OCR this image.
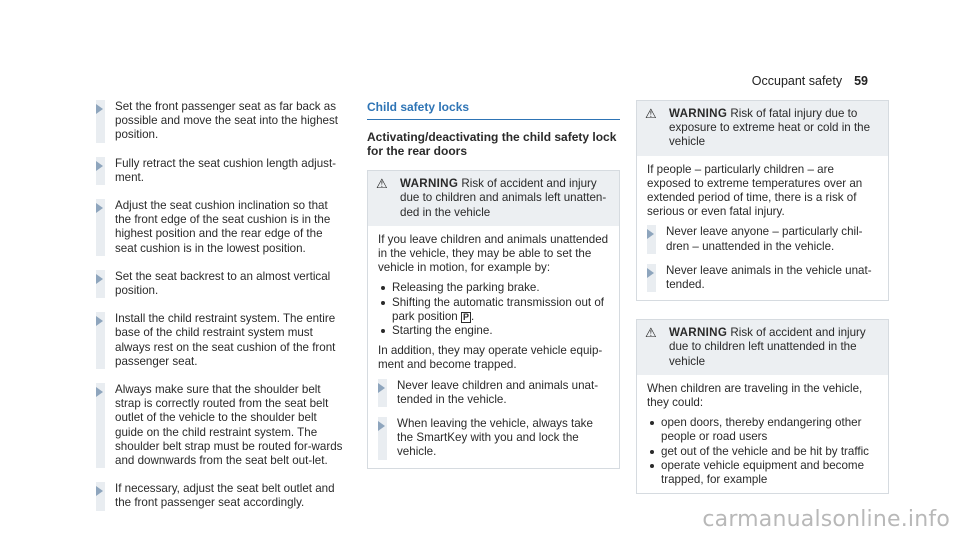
Occupant safety 59
Set the front passenger seat as far back as possible and move the seat into the highest position.
Fully retract the seat cushion length adjust-ment.
Adjust the seat cushion inclination so that the front edge of the seat cushion is in the highest position and the rear edge of the seat cushion is in the lowest position.
Set the seat backrest to an almost vertical position.
Install the child restraint system. The entire base of the child restraint system must always rest on the seat cushion of the front passenger seat.
Always make sure that the shoulder belt strap is correctly routed from the seat belt outlet of the vehicle to the shoulder belt guide on the child restraint system. The shoulder belt strap must be routed for-wards and downwards from the seat belt out-let.
If necessary, adjust the seat belt outlet and the front passenger seat accordingly.
Child safety locks
Activating/deactivating the child safety lock for the rear doors
⚠	WARNING Risk of accident and injury due to children and animals left unatten-ded in the vehicle

If you leave children and animals unattended in the vehicle, they may be able to set the vehicle in motion, for example by:

Releasing the parking brake.
Shifting the automatic transmission out of park position P .
Starting the engine.

In addition, they may operate vehicle equip-ment and become trapped.

Never leave children and animals unat-tended in the vehicle.
When leaving the vehicle, always take the SmartKey with you and lock the vehicle.
⚠	WARNING Risk of fatal injury due to exposure to extreme heat or cold in the vehicle

If people – particularly children – are exposed to extreme temperatures over an extended period of time, there is a risk of serious or even fatal injury.

Never leave anyone – particularly chil-dren – unattended in the vehicle.
Never leave animals in the vehicle unat-tended.
⚠	WARNING Risk of accident and injury due to children left unattended in the vehicle

When children are traveling in the vehicle, they could:

open doors, thereby endangering other people or road users
get out of the vehicle and be hit by traffic
operate vehicle equipment and become trapped, for example
carmanualsonline.info
